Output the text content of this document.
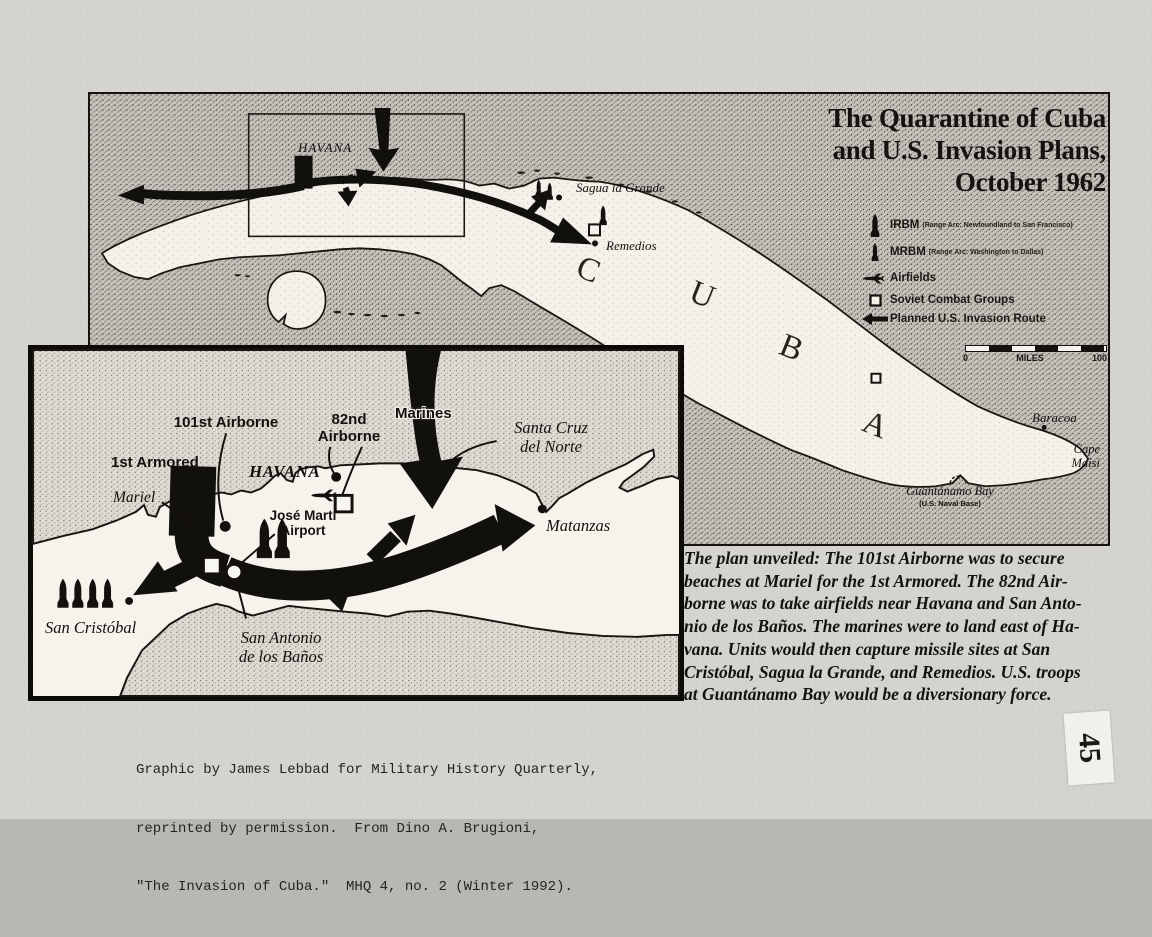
The Quarantine of Cuba
and U.S. Invasion Plans,
October 1962
IRBM (Range Arc: Newfoundland to San Francisco)
MRBM (Range Arc: Washington to Dallas)
Airfields
Soviet Combat Groups
Planned U.S. Invasion Route
0	MILES	100
HAVANA
Sagua la Grande
Remedios
Baracoa
Cape
Maisi
Guantánamo Bay
(U.S. Naval Base)
C
U
B
A
101st Airborne	82nd
Airborne
Marines
1st Armored	HAVANA
Mariel
José Martí
Airport
Santa Cruz
del Norte
Matanzas
San Cristóbal
San Antonio
de los Baños
The plan unveiled: The 101st Airborne was to secure
beaches at Mariel for the 1st Armored. The 82nd Air-
borne was to take airfields near Havana and San Anto-
nio de los Baños. The marines were to land east of Ha-
vana. Units would then capture missile sites at San
Cristóbal, Sagua la Grande, and Remedios. U.S. troops
at Guantánamo Bay would be a diversionary force.

Graphic by James Lebbad for Military History Quarterly,

reprinted by permission.  From Dino A. Brugioni,

"The Invasion of Cuba."  MHQ 4, no. 2 (Winter 1992).

45
